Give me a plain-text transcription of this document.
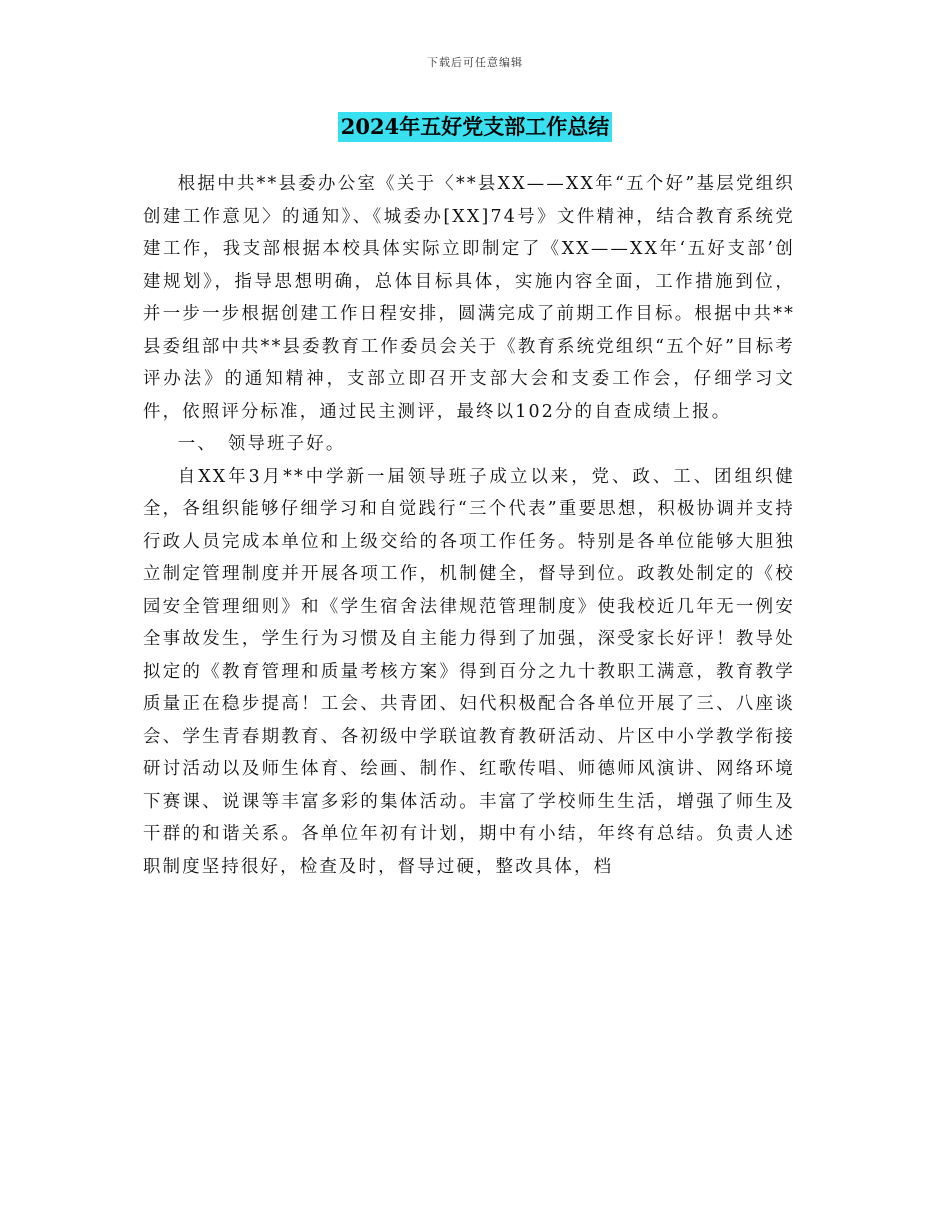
下载后可任意编辑
2024年五好党支部工作总结

根据中共**县委办公室《关于〈**县XX——XX年“五个好”基层党组织创建工作意见〉的通知》、《城委办[XX]74号》文件精神，结合教育系统党建工作，我支部根据本校具体实际立即制定了《XX——XX年‘五好支部’创建规划》，指导思想明确，总体目标具体，实施内容全面，工作措施到位，并一步一步根据创建工作日程安排，圆满完成了前期工作目标。根据中共**县委组部中共**县委教育工作委员会关于《教育系统党组织“五个好”目标考评办法》的通知精神，支部立即召开支部大会和支委工作会，仔细学习文件，依照评分标准，通过民主测评，最终以102分的自查成绩上报。

一、　领导班子好。

自XX年3月**中学新一届领导班子成立以来，党、政、工、团组织健全，各组织能够仔细学习和自觉践行“三个代表”重要思想，积极协调并支持行政人员完成本单位和上级交给的各项工作任务。特别是各单位能够大胆独立制定管理制度并开展各项工作，机制健全，督导到位。政教处制定的《校园安全管理细则》和《学生宿舍法律规范管理制度》使我校近几年无一例安全事故发生，学生行为习惯及自主能力得到了加强，深受家长好评！教导处拟定的《教育管理和质量考核方案》得到百分之九十教职工满意，教育教学质量正在稳步提高！工会、共青团、妇代积极配合各单位开展了三、八座谈会、学生青春期教育、各初级中学联谊教育教研活动、片区中小学教学衔接研讨活动以及师生体育、绘画、制作、红歌传唱、师德师风演讲、网络环境下赛课、说课等丰富多彩的集体活动。丰富了学校师生生活，增强了师生及干群的和谐关系。各单位年初有计划，期中有小结，年终有总结。负责人述职制度坚持很好，检查及时，督导过硬，整改具体，档
